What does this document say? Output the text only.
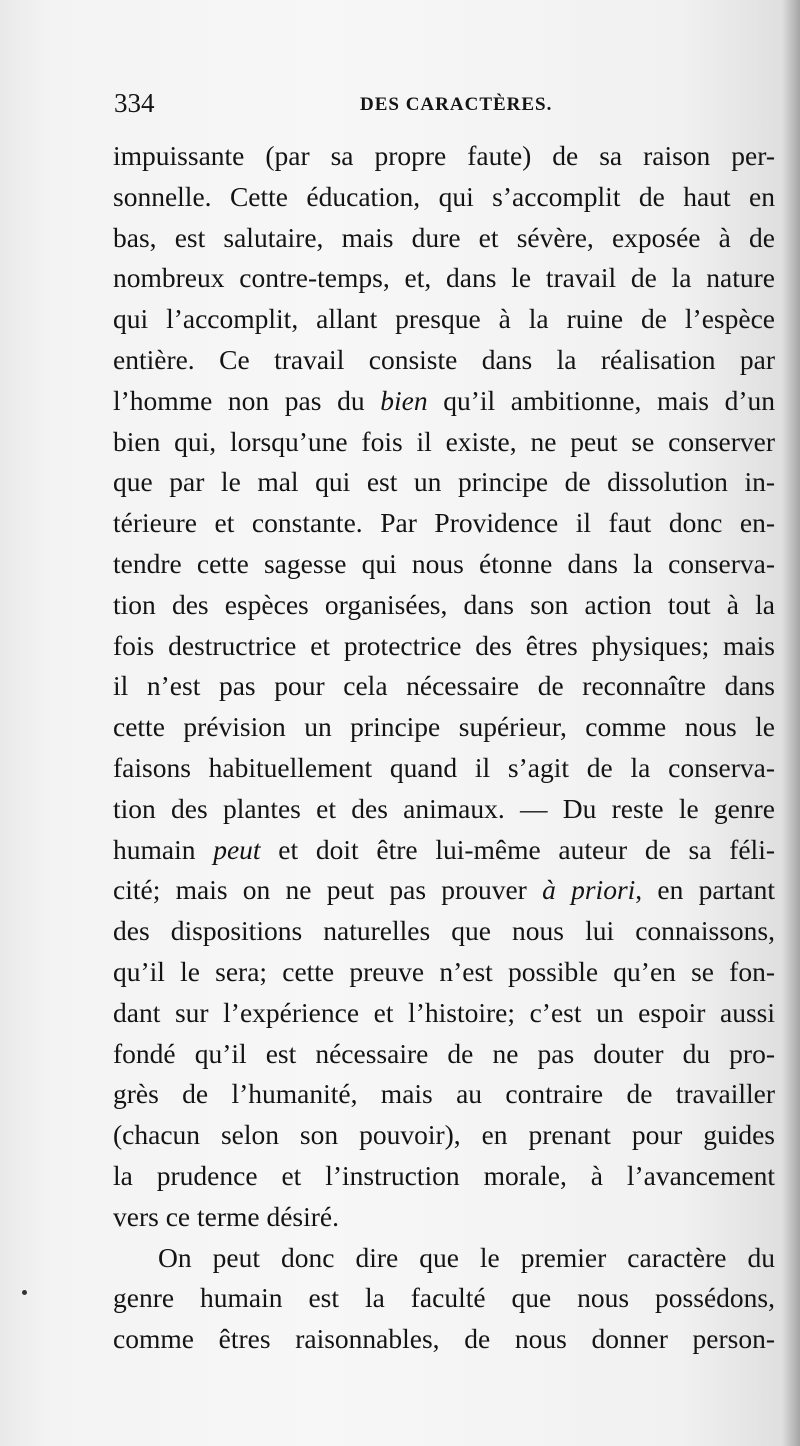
334	DES CARACTÈRES.
impuissante (par sa propre faute) de sa raison per-
sonnelle. Cette éducation, qui s’accomplit de haut en
bas, est salutaire, mais dure et sévère, exposée à de
nombreux contre-temps, et, dans le travail de la nature
qui l’accomplit, allant presque à la ruine de l’espèce
entière. Ce travail consiste dans la réalisation par
l’homme non pas du bien qu’il ambitionne, mais d’un
bien qui, lorsqu’une fois il existe, ne peut se conserver
que par le mal qui est un principe de dissolution in-
térieure et constante. Par Providence il faut donc en-
tendre cette sagesse qui nous étonne dans la conserva-
tion des espèces organisées, dans son action tout à la
fois destructrice et protectrice des êtres physiques; mais
il n’est pas pour cela nécessaire de reconnaître dans
cette prévision un principe supérieur, comme nous le
faisons habituellement quand il s’agit de la conserva-
tion des plantes et des animaux. — Du reste le genre
humain peut et doit être lui-même auteur de sa féli-
cité; mais on ne peut pas prouver à priori, en partant
des dispositions naturelles que nous lui connaissons,
qu’il le sera; cette preuve n’est possible qu’en se fon-
dant sur l’expérience et l’histoire; c’est un espoir aussi
fondé qu’il est nécessaire de ne pas douter du pro-
grès de l’humanité, mais au contraire de travailler
(chacun selon son pouvoir), en prenant pour guides
la prudence et l’instruction morale, à l’avancement
vers ce terme désiré.
On peut donc dire que le premier caractère du
genre humain est la faculté que nous possédons,
comme êtres raisonnables, de nous donner person-
